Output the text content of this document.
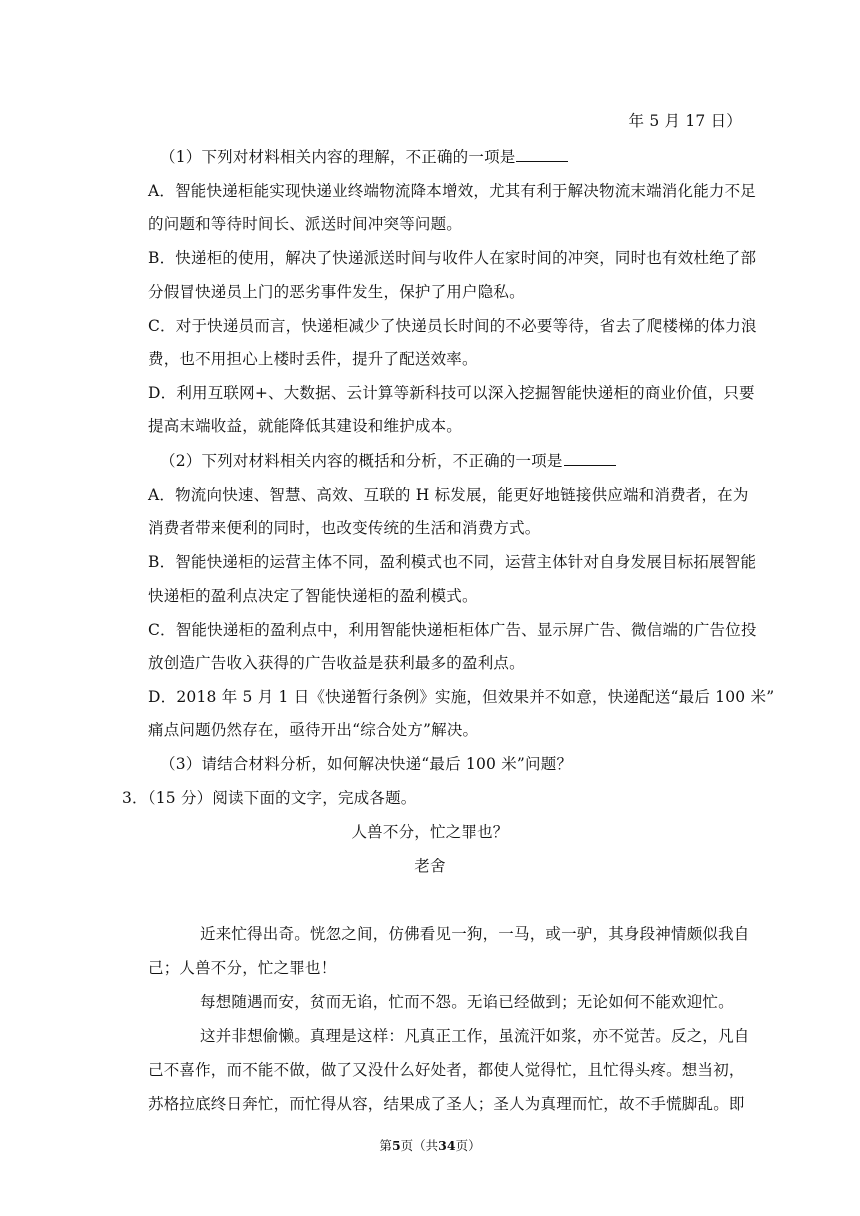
年 5 月 17 日）
（1）下列对材料相关内容的理解，不正确的一项是
A．智能快递柜能实现快递业终端物流降本增效，尤其有利于解决物流末端消化能力不足
的问题和等待时间长、派送时间冲突等问题。
B．快递柜的使用，解决了快递派送时间与收件人在家时间的冲突，同时也有效杜绝了部
分假冒快递员上门的恶劣事件发生，保护了用户隐私。
C．对于快递员而言，快递柜减少了快递员长时间的不必要等待，省去了爬楼梯的体力浪
费，也不用担心上楼时丢件，提升了配送效率。
D．利用互联网+、大数据、云计算等新科技可以深入挖掘智能快递柜的商业价值，只要
提高末端收益，就能降低其建设和维护成本。
（2）下列对材料相关内容的概括和分析，不正确的一项是
A．物流向快速、智慧、高效、互联的 H 标发展，能更好地链接供应端和消费者，在为
消费者带来便利的同时，也改变传统的生活和消费方式。
B．智能快递柜的运营主体不同，盈利模式也不同，运营主体针对自身发展目标拓展智能
快递柜的盈利点决定了智能快递柜的盈利模式。
C．智能快递柜的盈利点中，利用智能快递柜柜体广告、显示屏广告、微信端的广告位投
放创造广告收入获得的广告收益是获利最多的盈利点。
D．2018 年 5 月 1 日《快递暂行条例》实施，但效果并不如意，快递配送“最后 100 米”
痛点问题仍然存在，亟待开出“综合处方”解决。
（3）请结合材料分析，如何解决快递“最后 100 米”问题？
3．（15 分）阅读下面的文字，完成各题。
人兽不分，忙之罪也？
老舍
近来忙得出奇。恍忽之间，仿佛看见一狗，一马，或一驴，其身段神情颇似我自
己；人兽不分，忙之罪也！
每想随遇而安，贫而无谄，忙而不怨。无谄已经做到；无论如何不能欢迎忙。
这并非想偷懒。真理是这样：凡真正工作，虽流汗如浆，亦不觉苦。反之，凡自
己不喜作，而不能不做，做了又没什么好处者，都使人觉得忙，且忙得头疼。想当初，
苏格拉底终日奔忙，而忙得从容，结果成了圣人；圣人为真理而忙，故不手慌脚乱。即
第5页（共34页）
